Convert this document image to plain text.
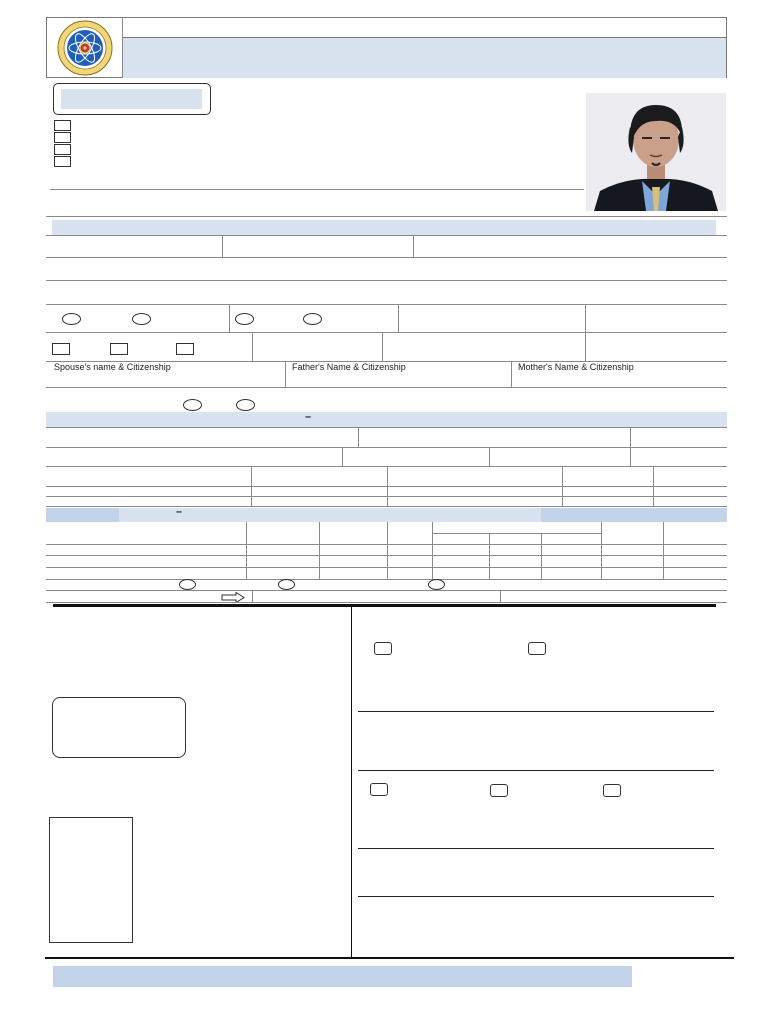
Spouse's name & Citizenship	Father's Name & Citizenship	Mother's Name & Citizenship
–
–
